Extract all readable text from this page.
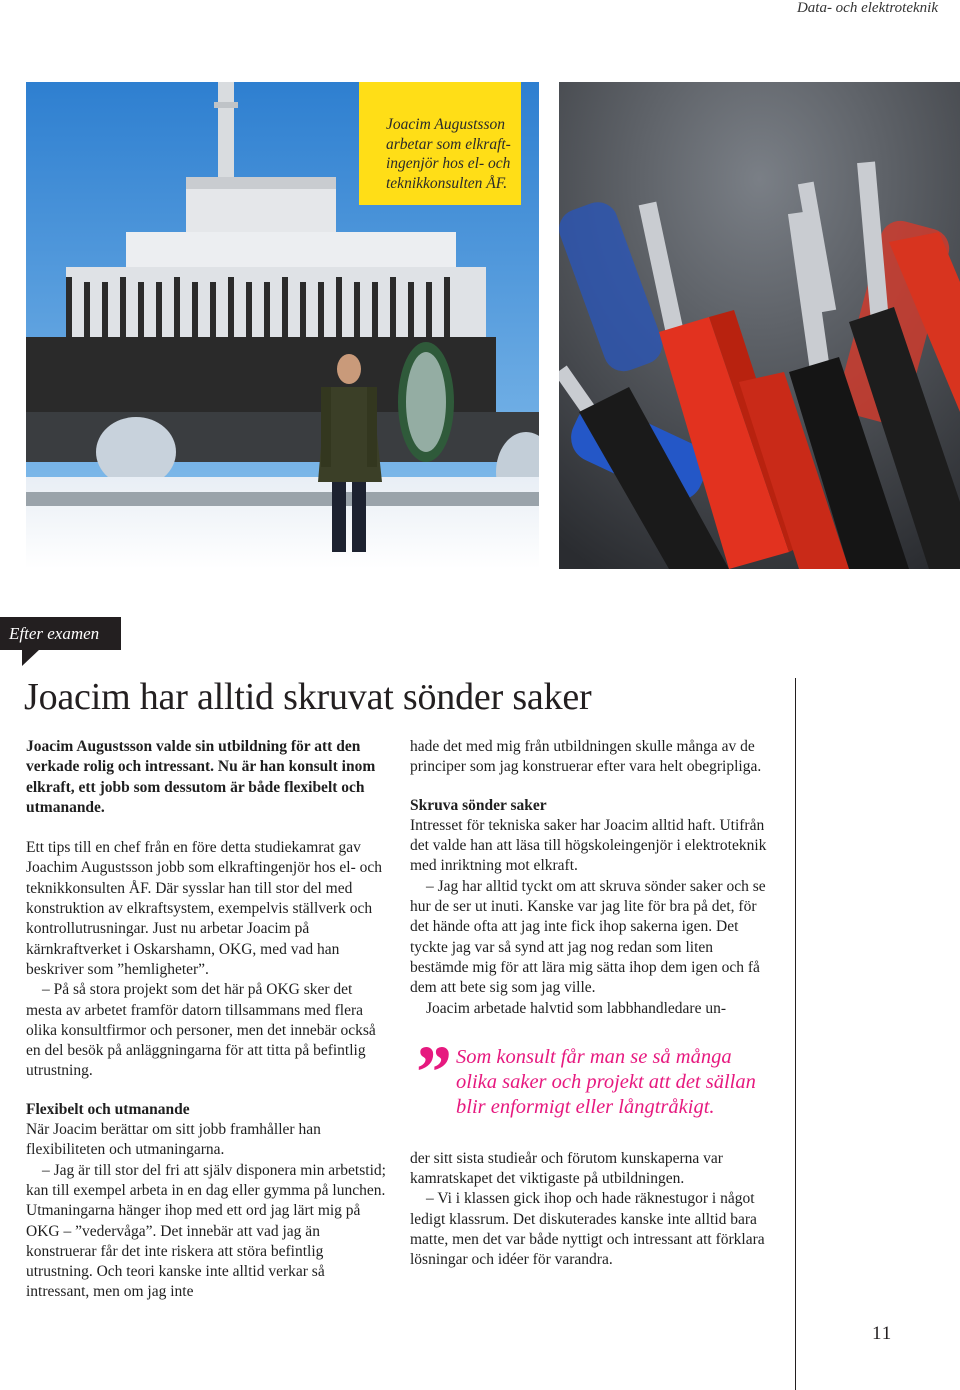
Data- och elektroteknik
Joacim Augustsson arbetar som elkraft-ingenjör hos el- och teknikkonsulten ÅF.
Efter examen
Joacim har alltid skruvat sönder saker

Joacim Augustsson valde sin utbildning för att den verkade rolig och intressant. Nu är han konsult inom elkraft, ett jobb som dessutom är både flexibelt och utmanande.

Ett tips till en chef från en före detta studiekamrat gav Joachim Augustsson jobb som elkraftingenjör hos el- och teknikkonsulten ÅF. Där sysslar han till stor del med konstruktion av elkraftsystem, exempelvis ställverk och kontrollutrusningar. Just nu arbetar Joacim på kärnkraftverket i Oskarshamn, OKG, med vad han beskriver som ”hemligheter”.

– På så stora projekt som det här på OKG sker det mesta av arbetet framför datorn tillsammans med flera olika konsultfirmor och personer, men det innebär också en del besök på anläggningarna för att titta på befintlig utrustning.

Flexibelt och utmanande

När Joacim berättar om sitt jobb framhåller han flexibiliteten och utmaningarna.

– Jag är till stor del fri att själv disponera min arbetstid; kan till exempel arbeta in en dag eller gymma på lunchen. Utmaningarna hänger ihop med ett ord jag lärt mig på OKG – ”vedervåga”. Det innebär att vad jag än konstruerar får det inte riskera att störa befintlig utrustning. Och teori kanske inte alltid verkar så intressant, men om jag inte

hade det med mig från utbildningen skulle många av de principer som jag konstruerar efter vara helt obegripliga.

Skruva sönder saker

Intresset för tekniska saker har Joacim alltid haft. Utifrån det valde han att läsa till högskoleingenjör i elektroteknik med inriktning mot elkraft.

– Jag har alltid tyckt om att skruva sönder saker och se hur de ser ut inuti. Kanske var jag lite för bra på det, för det hände ofta att jag inte fick ihop sakerna igen. Det tyckte jag var så synd att jag nog redan som liten bestämde mig för att lära mig sätta ihop dem igen och få dem att bete sig som jag ville.

Joacim arbetade halvtid som labbhandledare un-

” Som konsult får man se så många olika saker och projekt att det sällan blir enformigt eller långtråkigt.

der sitt sista studieår och förutom kunskaperna var kamratskapet det viktigaste på utbildningen.

– Vi i klassen gick ihop och hade räknestugor i något ledigt klassrum. Det diskuterades kanske inte alltid bara matte, men det var både nyttigt och intressant att förklara lösningar och idéer för varandra.

11
